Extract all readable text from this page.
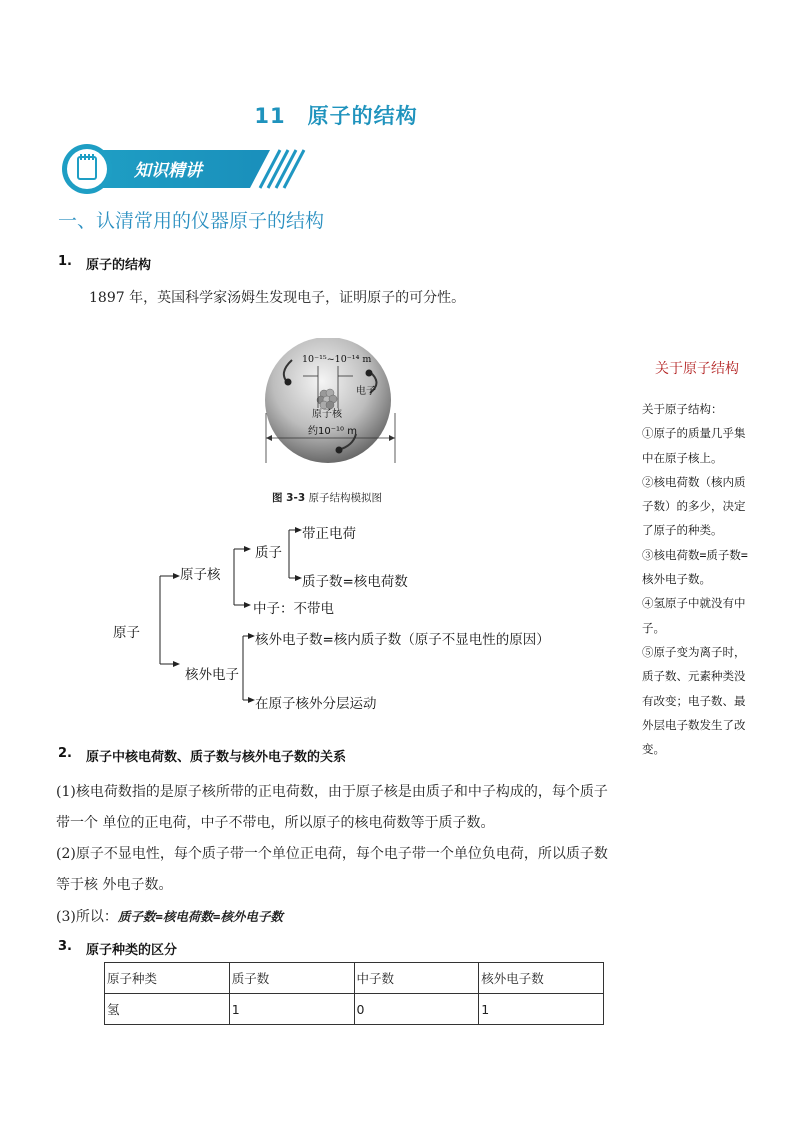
11　原子的结构
知识精讲
一、认清常用的仪器原子的结构
1. 原子的结构
1897 年，英国科学家汤姆生发现电子，证明原子的可分性。
10⁻¹⁵~10⁻¹⁴ m
电子
原子核
约10⁻¹⁰ m
图 3-3 原子结构模拟图
原子
原子核
质子
带正电荷
质子数=核电荷数
中子：不带电
核外电子
核外电子数=核内质子数（原子不显电性的原因）
在原子核外分层运动
2. 原子中核电荷数、质子数与核外电子数的关系
(1)核电荷数指的是原子核所带的正电荷数，由于原子核是由质子和中子构成的，每个质子
带一个 单位的正电荷，中子不带电，所以原子的核电荷数等于质子数。
(2)原子不显电性，每个质子带一个单位正电荷，每个电子带一个单位负电荷，所以质子数
等于核 外电子数。
(3)所以：质子数=核电荷数=核外电子数
3. 原子种类的区分
原子种类	质子数	中子数	核外电子数
氢	1	0	1
关于原子结构
关于原子结构：
①原子的质量几乎集
中在原子核上。
②核电荷数（核内质
子数）的多少，决定
了原子的种类。
③核电荷数=质子数=
核外电子数。
④氢原子中就没有中
子。
⑤原子变为离子时，
质子数、元素种类没
有改变；电子数、最
外层电子数发生了改
变。
